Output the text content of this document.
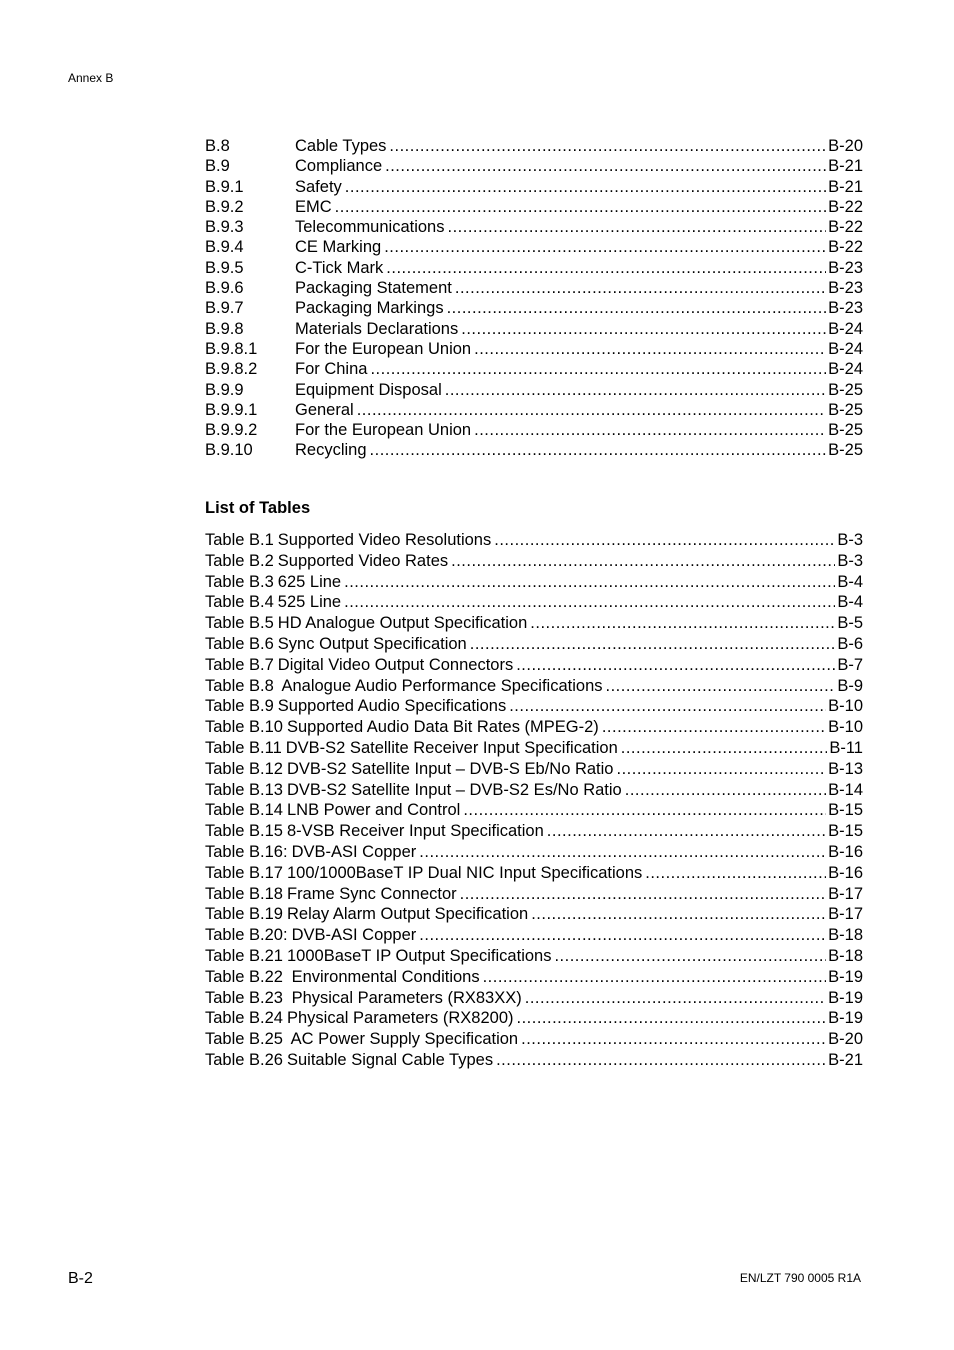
Annex B
B.8	Cable Types .....	B-20
B.9	Compliance .....	B-21
B.9.1	Safety .....	B-21
B.9.2	EMC .....	B-22
B.9.3	Telecommunications .....	B-22
B.9.4	CE Marking .....	B-22
B.9.5	C-Tick Mark .....	B-23
B.9.6	Packaging Statement .....	B-23
B.9.7	Packaging Markings .....	B-23
B.9.8	Materials Declarations .....	B-24
B.9.8.1	For the European Union .....	B-24
B.9.8.2	For China .....	B-24
B.9.9	Equipment Disposal .....	B-25
B.9.9.1	General .....	B-25
B.9.9.2	For the European Union .....	B-25
B.9.10	Recycling .....	B-25
List of Tables
Table B.1 Supported Video Resolutions .....	B-3
Table B.2 Supported Video Rates .....	B-3
Table B.3 625 Line .....	B-4
Table B.4 525 Line .....	B-4
Table B.5 HD Analogue Output Specification .....	B-5
Table B.6 Sync Output Specification .....	B-6
Table B.7 Digital Video Output Connectors .....	B-7
Table B.8 Analogue Audio Performance Specifications .....	B-9
Table B.9 Supported Audio Specifications .....	B-10
Table B.10 Supported Audio Data Bit Rates (MPEG-2) .....	B-10
Table B.11 DVB-S2 Satellite Receiver Input Specification .....	B-11
Table B.12 DVB-S2 Satellite Input – DVB-S Eb/No Ratio .....	B-13
Table B.13 DVB-S2 Satellite Input – DVB-S2 Es/No Ratio .....	B-14
Table B.14 LNB Power and Control .....	B-15
Table B.15 8-VSB Receiver Input Specification .....	B-15
Table B.16: DVB-ASI Copper .....	B-16
Table B.17 100/1000BaseT IP Dual NIC Input Specifications .....	B-16
Table B.18 Frame Sync Connector .....	B-17
Table B.19 Relay Alarm Output Specification .....	B-17
Table B.20: DVB-ASI Copper .....	B-18
Table B.21 1000BaseT IP Output Specifications .....	B-18
Table B.22 Environmental Conditions .....	B-19
Table B.23 Physical Parameters (RX83XX) .....	B-19
Table B.24 Physical Parameters (RX8200) .....	B-19
Table B.25 AC Power Supply Specification .....	B-20
Table B.26 Suitable Signal Cable Types .....	B-21
B-2	EN/LZT 790 0005 R1A
